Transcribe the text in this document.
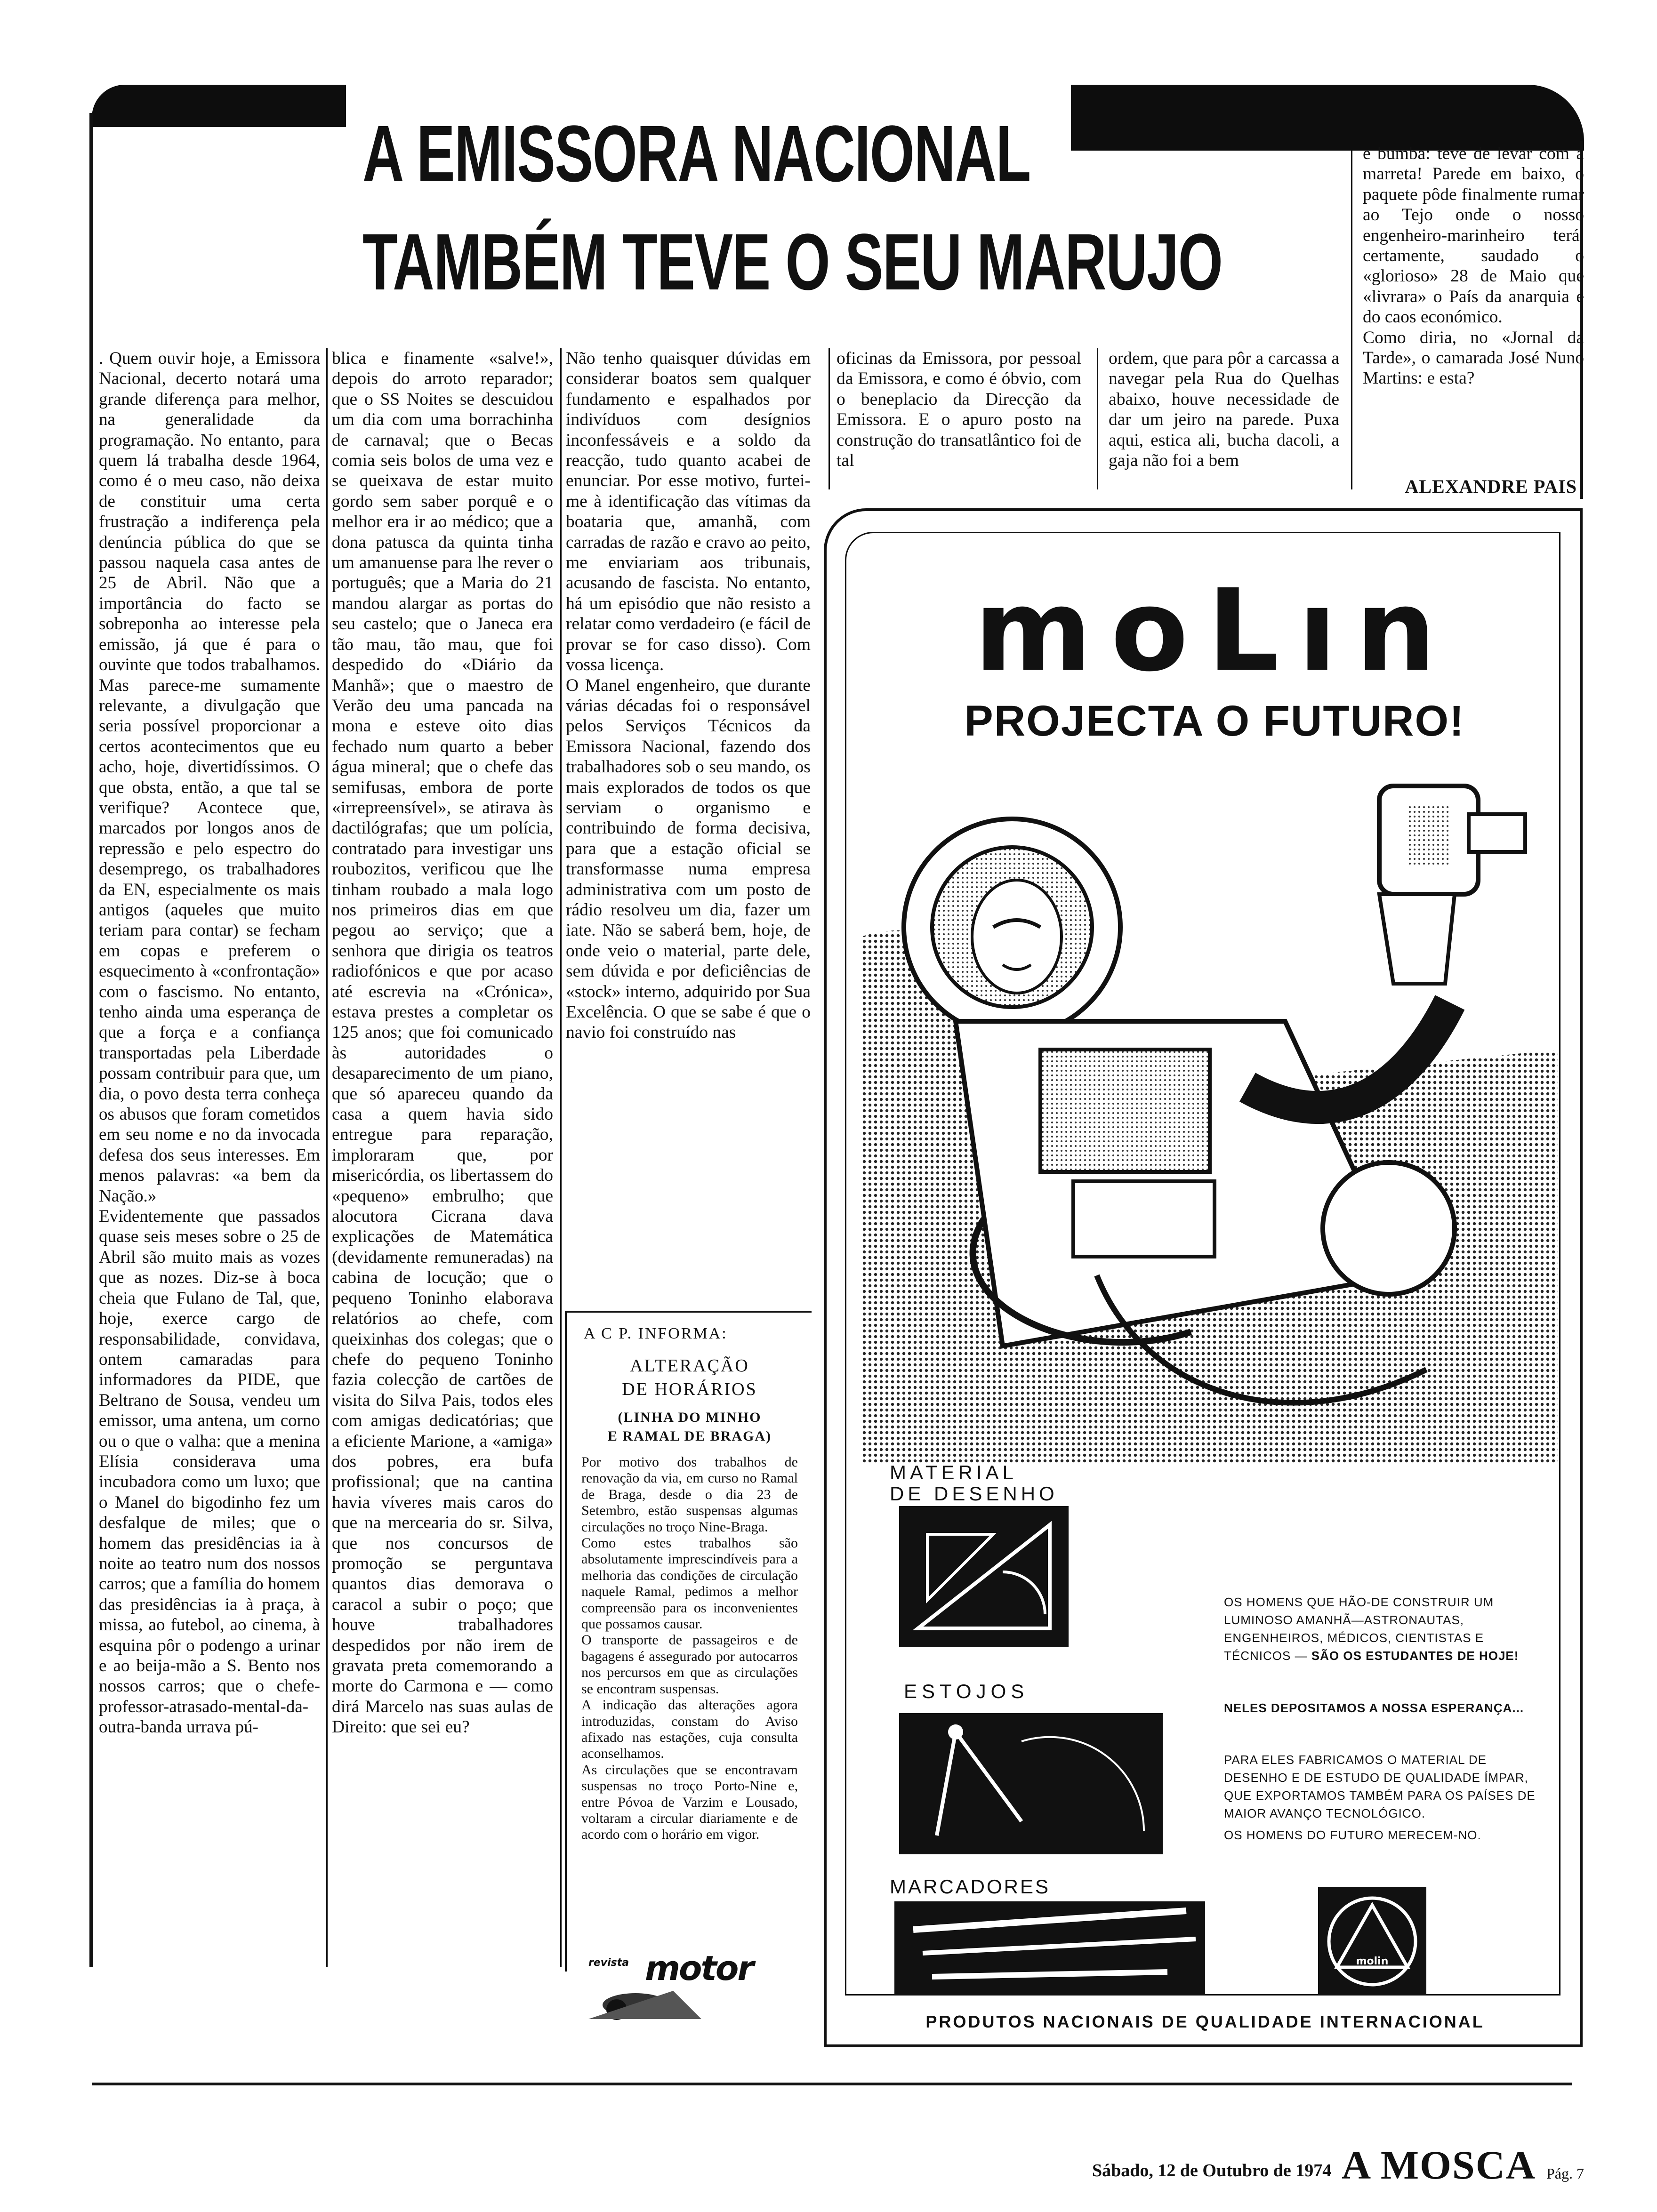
A EMISSORA NACIONAL
TAMBÉM TEVE O SEU MARUJO
. Quem ouvir hoje, a Emissora Nacional, decerto notará uma grande diferença para melhor, na generalidade da programação. No entanto, para quem lá trabalha desde 1964, como é o meu caso, não deixa de constituir uma certa frustração a indiferença pela denúncia pública do que se passou naquela casa antes de 25 de Abril. Não que a importância do facto se sobreponha ao interesse pela emissão, já que é para o ouvinte que todos trabalhamos. Mas parece-me sumamente relevante, a divulgação que seria possível proporcionar a certos acontecimentos que eu acho, hoje, divertidíssimos. O que obsta, então, a que tal se verifique? Acontece que, marcados por longos anos de repressão e pelo espectro do desemprego, os trabalhadores da EN, especialmente os mais antigos (aqueles que muito teriam para contar) se fecham em copas e preferem o esquecimento à «confrontação» com o fascismo. No entanto, tenho ainda uma esperança de que a força e a confiança transportadas pela Liberdade possam contribuir para que, um dia, o povo desta terra conheça os abusos que foram cometidos em seu nome e no da invocada defesa dos seus interesses. Em menos palavras: «a bem da Nação.»
Evidentemente que passados quase seis meses sobre o 25 de Abril são muito mais as vozes que as nozes. Diz-se à boca cheia que Fulano de Tal, que, hoje, exerce cargo de responsabilidade, convidava, ontem camaradas para informadores da PIDE, que Beltrano de Sousa, vendeu um emissor, uma antena, um corno ou o que o valha: que a menina Elísia considerava uma incubadora como um luxo; que o Manel do bigodinho fez um desfalque de miles; que o homem das presidências ia à noite ao teatro num dos nossos carros; que a família do homem das presidências ia à praça, à missa, ao futebol, ao cinema, à esquina pôr o podengo a urinar e ao beija-mão a S. Bento nos nossos carros; que o chefe-professor-atrasado-mental-da-outra-banda urrava pú-
blica e finamente «salve!», depois do arroto reparador; que o SS Noites se descuidou um dia com uma borrachinha de carnaval; que o Becas comia seis bolos de uma vez e se queixava de estar muito gordo sem saber porquê e o melhor era ir ao médico; que a dona patusca da quinta tinha um amanuense para lhe rever o português; que a Maria do 21 mandou alargar as portas do seu castelo; que o Janeca era tão mau, tão mau, que foi despedido do «Diário da Manhã»; que o maestro de Verão deu uma pancada na mona e esteve oito dias fechado num quarto a beber água mineral; que o chefe das semifusas, embora de porte «irrepreensível», se atirava às dactilógrafas; que um polícia, contratado para investigar uns roubozitos, verificou que lhe tinham roubado a mala logo nos primeiros dias em que pegou ao serviço; que a senhora que dirigia os teatros radiofónicos e que por acaso até escrevia na «Crónica», estava prestes a completar os 125 anos; que foi comunicado às autoridades o desaparecimento de um piano, que só apareceu quando da casa a quem havia sido entregue para reparação, imploraram que, por misericórdia, os libertassem do «pequeno» embrulho; que alocutora Cicrana dava explicações de Matemática (devidamente remuneradas) na cabina de locução; que o pequeno Toninho elaborava relatórios ao chefe, com queixinhas dos colegas; que o chefe do pequeno Toninho fazia colecção de cartões de visita do Silva Pais, todos eles com amigas dedicatórias; que a eficiente Marione, a «amiga» dos pobres, era bufa profissional; que na cantina havia víveres mais caros do que na mercearia do sr. Silva, que nos concursos de promoção se perguntava quantos dias demorava o caracol a subir o poço; que houve trabalhadores despedidos por não irem de gravata preta comemorando a morte do Carmona e — como dirá Marcelo nas suas aulas de Direito: que sei eu?
Não tenho quaisquer dúvidas em considerar boatos sem qualquer fundamento e espalhados por indivíduos com desígnios inconfessáveis e a soldo da reacção, tudo quanto acabei de enunciar. Por esse motivo, furtei-me à identificação das vítimas da boataria que, amanhã, com carradas de razão e cravo ao peito, me enviariam aos tribunais, acusando de fascista. No entanto, há um episódio que não resisto a relatar como verdadeiro (e fácil de provar se for caso disso). Com vossa licença.
O Manel engenheiro, que durante várias décadas foi o responsável pelos Serviços Técnicos da Emissora Nacional, fazendo dos trabalhadores sob o seu mando, os mais explorados de todos os que serviam o organismo e contribuindo de forma decisiva, para que a estação oficial se transformasse numa empresa administrativa com um posto de rádio resolveu um dia, fazer um iate. Não se saberá bem, hoje, de onde veio o material, parte dele, sem dúvida e por deficiências de «stock» interno, adquirido por Sua Excelência. O que se sabe é que o navio foi construído nas
oficinas da Emissora, por pessoal da Emissora, e como é óbvio, com o beneplacio da Direcção da Emissora. E o apuro posto na construção do transatlântico foi de tal
ordem, que para pôr a carcassa a navegar pela Rua do Quelhas abaixo, houve necessidade de dar um jeiro na parede. Puxa aqui, estica ali, bucha dacoli, a gaja não foi a bem
e bumba: teve de levar com a marreta! Parede em baixo, o paquete pôde finalmente rumar ao Tejo onde o nosso engenheiro-marinheiro terá, certamente, saudado o «glorioso» 28 de Maio que «livrara» o País da anarquia e do caos económico.
Como diria, no «Jornal da Tarde», o camarada José Nuno Martins: e esta?
ALEXANDRE PAIS
A C P. INFORMA:
ALTERAÇÃO
DE HORÁRIOS
(LINHA DO MINHO
E RAMAL DE BRAGA)
Por motivo dos trabalhos de renovação da via, em curso no Ramal de Braga, desde o dia 23 de Setembro, estão suspensas algumas circulações no troço Nine-Braga.
Como estes trabalhos são absolutamente imprescindíveis para a melhoria das condições de circulação naquele Ramal, pedimos a melhor compreensão para os inconvenientes que possamos causar.
O transporte de passageiros e de bagagens é assegurado por autocarros nos percursos em que as circulações se encontram suspensas.
A indicação das alterações agora introduzidas, constam do Aviso afixado nas estações, cuja consulta aconselhamos.
As circulações que se encontravam suspensas no troço Porto-Nine e, entre Póvoa de Varzim e Lousado, voltaram a circular diariamente e de acordo com o horário em vigor.
revista motor
moLın
PROJECTA O FUTURO!
MATERIAL
DE DESENHO
ESTOJOS
MARCADORES
OS HOMENS QUE HÃO-DE CONSTRUIR UM LUMINOSO AMANHÃ—ASTRONAUTAS, ENGENHEIROS, MÉDICOS, CIENTISTAS E TÉCNICOS — SÃO OS ESTUDANTES DE HOJE!
NELES DEPOSITAMOS A NOSSA ESPERANÇA...
PARA ELES FABRICAMOS O MATERIAL DE DESENHO E DE ESTUDO DE QUALIDADE ÍMPAR, QUE EXPORTAMOS TAMBÉM PARA OS PAÍSES DE MAIOR AVANÇO TECNOLÓGICO.
OS HOMENS DO FUTURO MERECEM-NO.
molin
PRODUTOS NACIONAIS DE QUALIDADE INTERNACIONAL
Sábado, 12 de Outubro de 1974 A MOSCA Pág. 7
